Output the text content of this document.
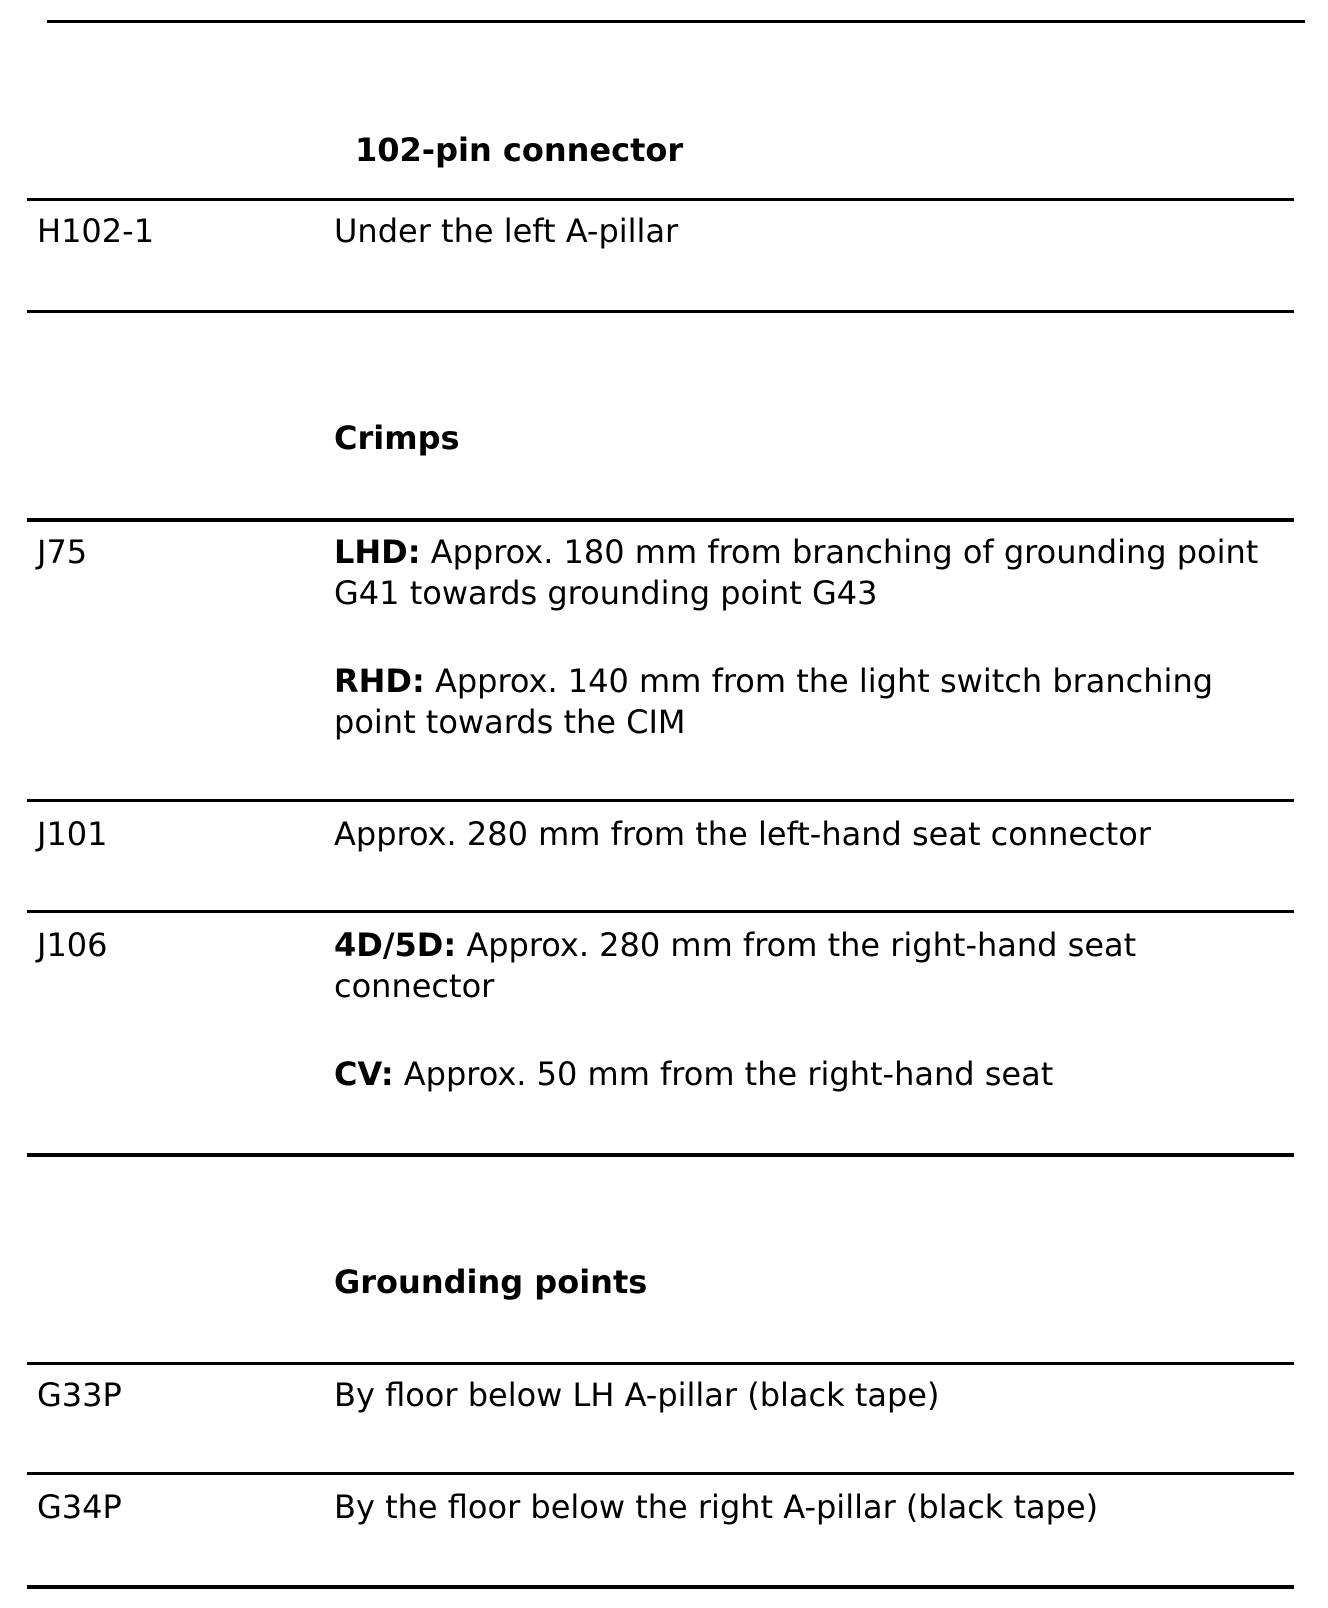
102-pin connector
H102-1	Under the left A-pillar
Crimps
J75	LHD: Approx. 180 mm from branching of grounding point G41 towards grounding point G43
RHD: Approx. 140 mm from the light switch branching point towards the CIM
J101	Approx. 280 mm from the left-hand seat connector
J106	4D/5D: Approx. 280 mm from the right-hand seat connector
CV: Approx. 50 mm from the right-hand seat
Grounding points
G33P	By floor below LH A-pillar (black tape)
G34P	By the floor below the right A-pillar (black tape)
